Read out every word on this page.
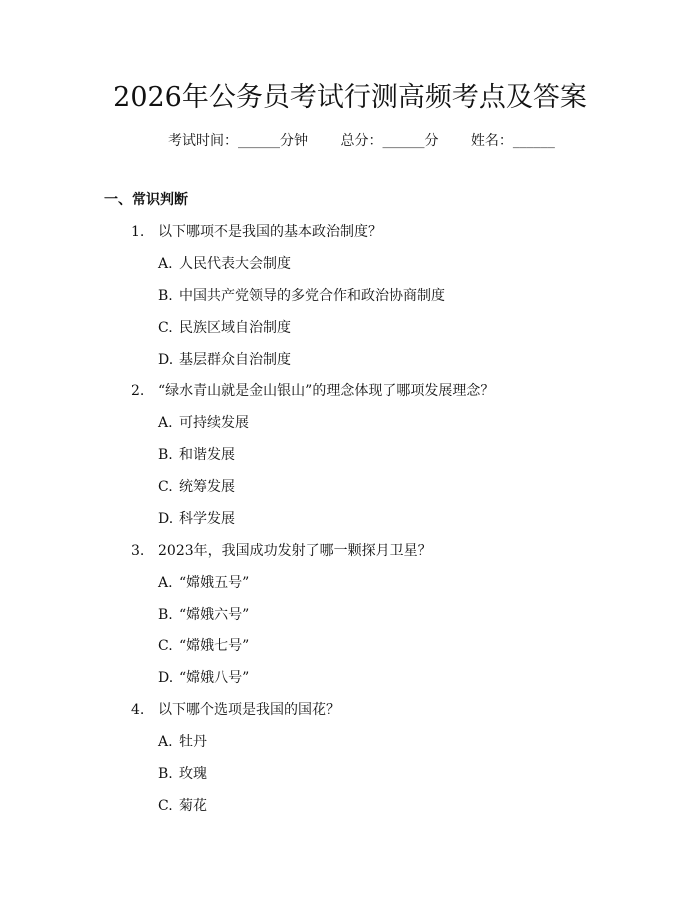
2026年公务员考试行测高频考点及答案
考试时间：______分钟 总分：______分 姓名：______
一、常识判断
1. 以下哪项不是我国的基本政治制度？
A. 人民代表大会制度
B. 中国共产党领导的多党合作和政治协商制度
C. 民族区域自治制度
D. 基层群众自治制度
2. “绿水青山就是金山银山”的理念体现了哪项发展理念？
A. 可持续发展
B. 和谐发展
C. 统筹发展
D. 科学发展
3. 2023年，我国成功发射了哪一颗探月卫星？
A. “嫦娥五号”
B. “嫦娥六号”
C. “嫦娥七号”
D. “嫦娥八号”
4. 以下哪个选项是我国的国花？
A. 牡丹
B. 玫瑰
C. 菊花
